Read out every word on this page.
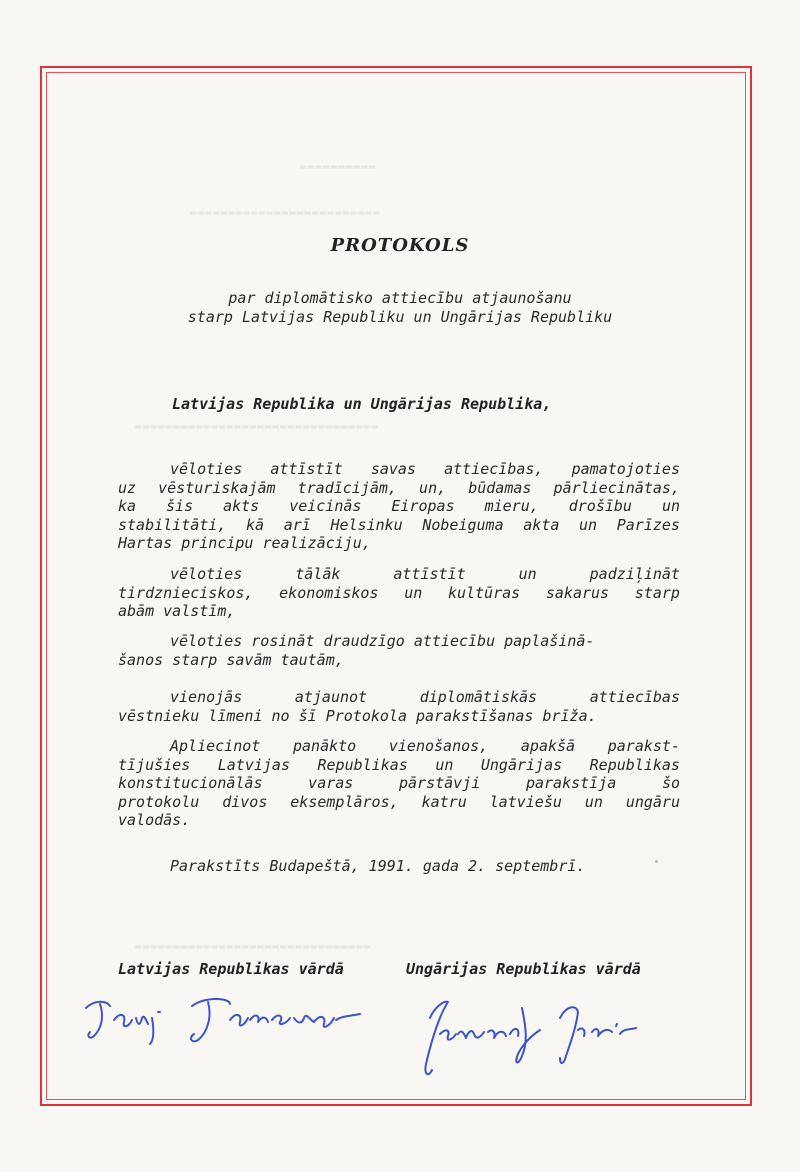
▬▬▬▬▬▬▬▬▬▬
▬▬▬▬▬▬▬▬▬▬▬▬▬▬▬▬▬▬▬▬▬▬▬▬▬
▬▬▬▬▬▬▬▬▬▬▬▬▬▬▬▬▬▬▬▬▬▬▬▬▬▬▬▬▬▬▬▬
▬▬▬▬▬▬▬▬▬▬▬▬▬▬▬▬▬▬▬▬▬▬▬▬▬▬▬▬▬▬▬
PROTOKOLS
par diplomātisko attiecību atjaunošanu
starp Latvijas Republiku un Ungārijas Republiku
Latvijas Republika un Ungārijas Republika,
vēloties attīstīt savas attiecības, pamatojoties
uz vēsturiskajām tradīcijām, un, būdamas pārliecinātas,
ka šis akts veicinās Eiropas mieru, drošību un
stabilitāti, kā arī Helsinku Nobeiguma akta un Parīzes
Hartas principu realizāciju,
vēloties	tālāk	attīstīt	un	padziļināt
tirdznieciskos, ekonomiskos un kultūras sakarus starp
abām valstīm,
vēloties rosināt draudzīgo attiecību paplašinā-
šanos starp savām tautām,
vienojās	atjaunot	diplomātiskās	attiecības
vēstnieku līmeni no šī Protokola parakstīšanas brīža.
Apliecinot panākto vienošanos, apakšā parakst-
tījušies Latvijas Republikas un Ungārijas Republikas
konstitucionālās	varas	pārstāvji	parakstīja	šo
protokolu divos eksemplāros, katru latviešu un ungāru
valodās.
Parakstīts Budapeštā, 1991. gada 2. septembrī.
Latvijas Republikas vārdā	Ungārijas Republikas vārdā
